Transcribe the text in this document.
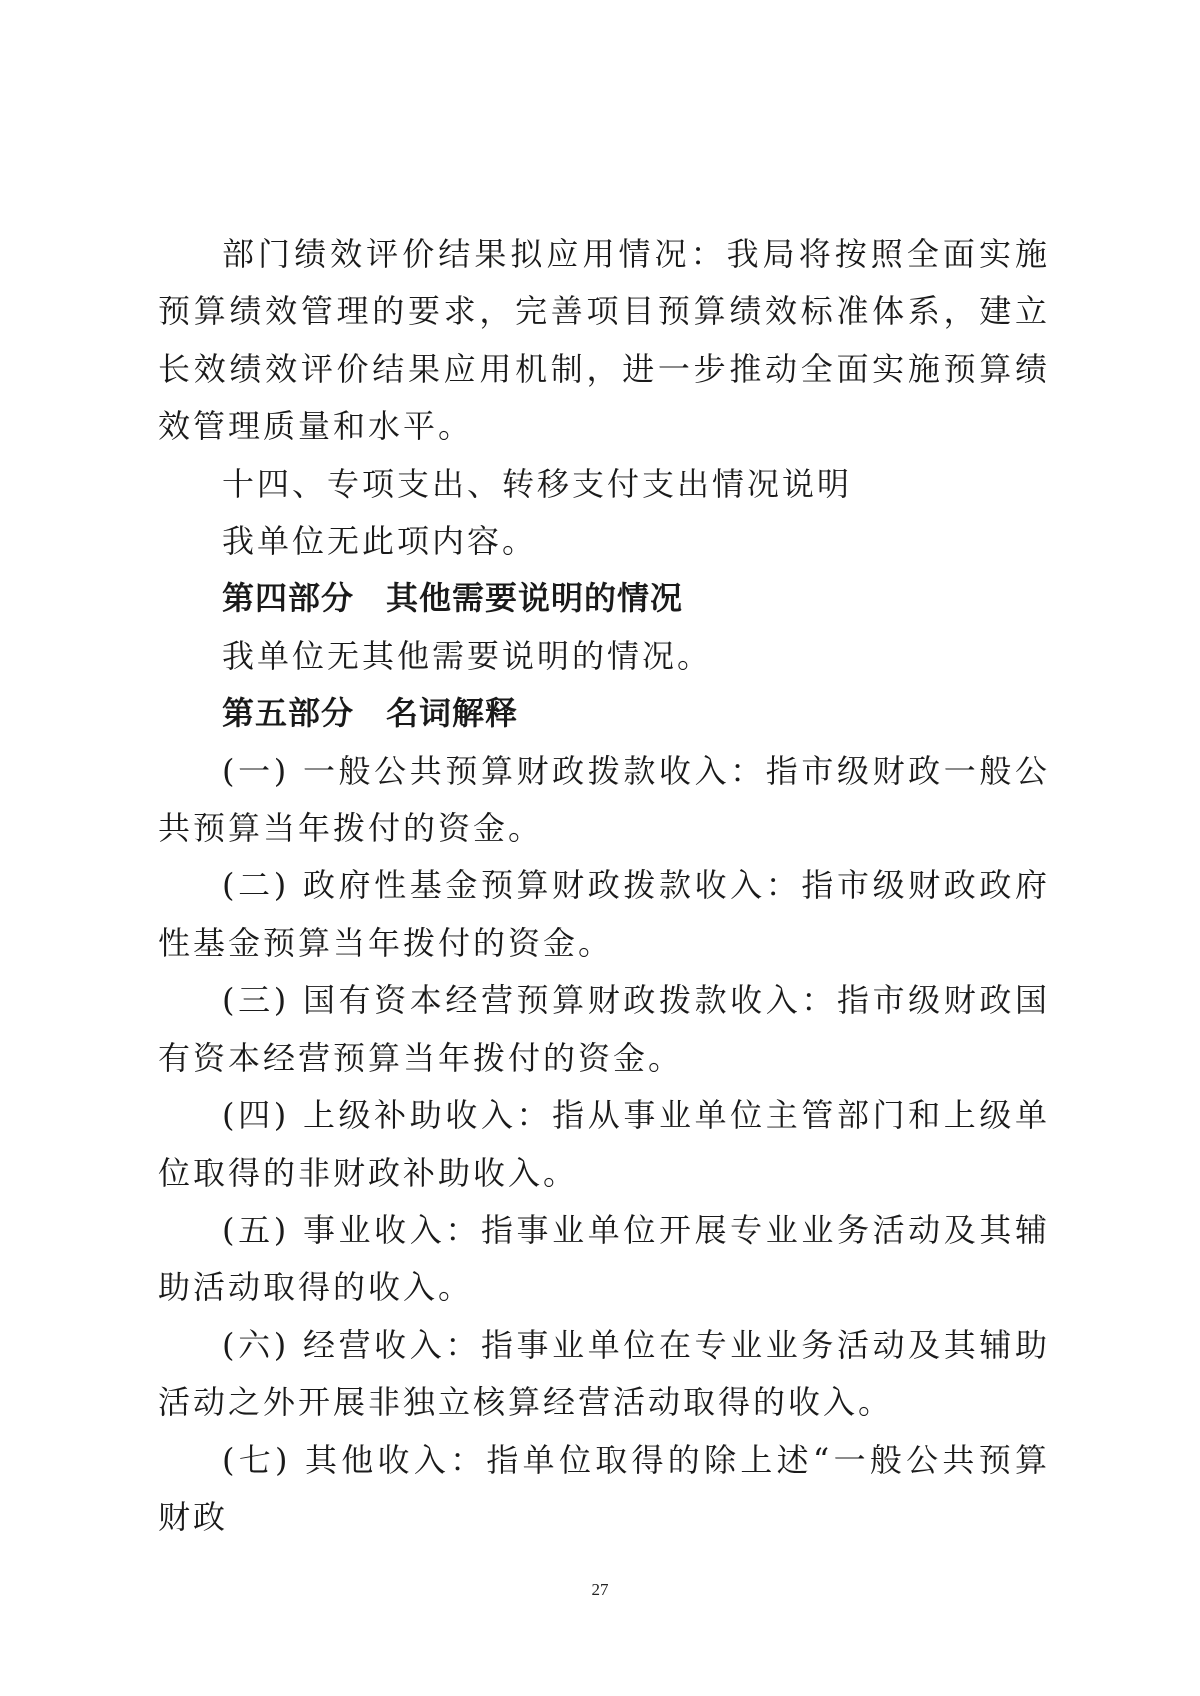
部门绩效评价结果拟应用情况：我局将按照全面实施预算绩效管理的要求，完善项目预算绩效标准体系，建立长效绩效评价结果应用机制，进一步推动全面实施预算绩效管理质量和水平。

十四、专项支出、转移支付支出情况说明

我单位无此项内容。

第四部分 其他需要说明的情况

我单位无其他需要说明的情况。

第五部分 名词解释

(一) 一般公共预算财政拨款收入：指市级财政一般公共预算当年拨付的资金。

(二) 政府性基金预算财政拨款收入：指市级财政政府性基金预算当年拨付的资金。

(三) 国有资本经营预算财政拨款收入：指市级财政国有资本经营预算当年拨付的资金。

(四) 上级补助收入：指从事业单位主管部门和上级单位取得的非财政补助收入。

(五) 事业收入：指事业单位开展专业业务活动及其辅助活动取得的收入。

(六) 经营收入：指事业单位在专业业务活动及其辅助活动之外开展非独立核算经营活动取得的收入。

(七) 其他收入：指单位取得的除上述“一般公共预算财政

27
